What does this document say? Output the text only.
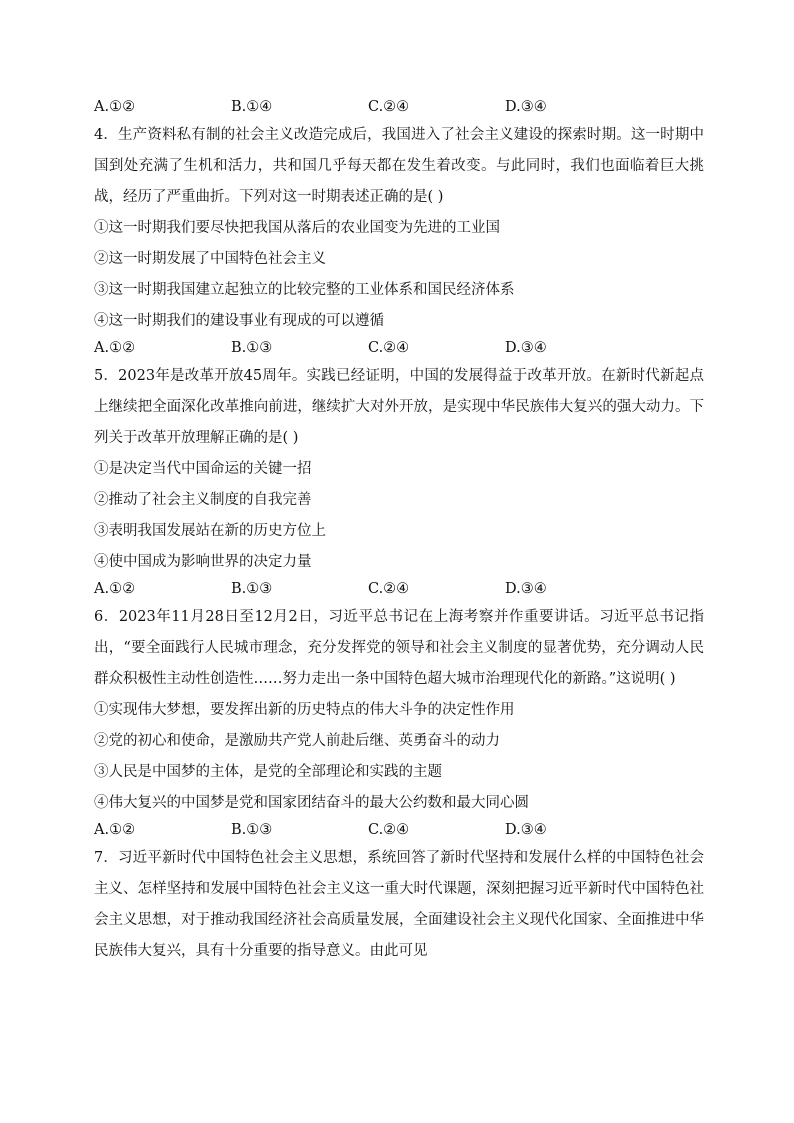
A.①②	B.①④	C.②④	D.③④

4．生产资料私有制的社会主义改造完成后，我国进入了社会主义建设的探索时期。这一时期中国到处充满了生机和活力，共和国几乎每天都在发生着改变。与此同时，我们也面临着巨大挑战，经历了严重曲折。下列对这一时期表述正确的是( )

①这一时期我们要尽快把我国从落后的农业国变为先进的工业国
②这一时期发展了中国特色社会主义
③这一时期我国建立起独立的比较完整的工业体系和国民经济体系
④这一时期我们的建设事业有现成的可以遵循
A.①②	B.①③	C.②④	D.③④

5．2023年是改革开放45周年。实践已经证明，中国的发展得益于改革开放。在新时代新起点上继续把全面深化改革推向前进，继续扩大对外开放，是实现中华民族伟大复兴的强大动力。下列关于改革开放理解正确的是( )

①是决定当代中国命运的关键一招
②推动了社会主义制度的自我完善
③表明我国发展站在新的历史方位上
④使中国成为影响世界的决定力量
A.①②	B.①③	C.②④	D.③④

6．2023年11月28日至12月2日，习近平总书记在上海考察并作重要讲话。习近平总书记指出，“要全面践行人民城市理念，充分发挥党的领导和社会主义制度的显著优势，充分调动人民群众积极性主动性创造性……努力走出一条中国特色超大城市治理现代化的新路。”这说明( )

①实现伟大梦想，要发挥出新的历史特点的伟大斗争的决定性作用
②党的初心和使命，是激励共产党人前赴后继、英勇奋斗的动力
③人民是中国梦的主体，是党的全部理论和实践的主题
④伟大复兴的中国梦是党和国家团结奋斗的最大公约数和最大同心圆
A.①②	B.①③	C.②④	D.③④

7．习近平新时代中国特色社会主义思想，系统回答了新时代坚持和发展什么样的中国特色社会主义、怎样坚持和发展中国特色社会主义这一重大时代课题，深刻把握习近平新时代中国特色社会主义思想，对于推动我国经济社会高质量发展，全面建设社会主义现代化国家、全面推进中华民族伟大复兴，具有十分重要的指导意义。由此可见
